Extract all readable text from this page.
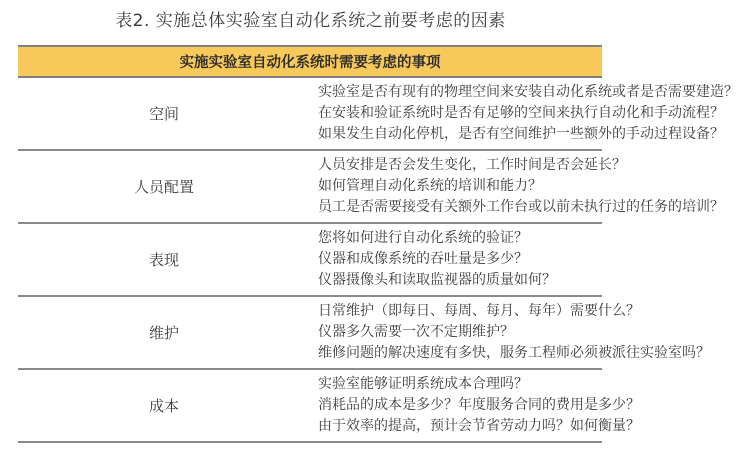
表2. 实施总体实验室自动化系统之前要考虑的因素
实施实验室自动化系统时需要考虑的事项	
空间	实验室是否有现有的物理空间来安装自动化系统或者是否需要建造？
在安装和验证系统时是否有足够的空间来执行自动化和手动流程？
如果发生自动化停机，是否有空间维护一些额外的手动过程设备？

人员配置	人员安排是否会发生变化，工作时间是否会延长？
如何管理自动化系统的培训和能力？
员工是否需要接受有关额外工作台或以前未执行过的任务的培训？

表现	您将如何进行自动化系统的验证？
仪器和成像系统的吞吐量是多少？
仪器摄像头和读取监视器的质量如何？

维护	日常维护（即每日、每周、每月、每年）需要什么？
仪器多久需要一次不定期维护？
维修问题的解决速度有多快，服务工程师必须被派往实验室吗？

成本	实验室能够证明系统成本合理吗？
消耗品的成本是多少？年度服务合同的费用是多少？
由于效率的提高，预计会节省劳动力吗？如何衡量？
